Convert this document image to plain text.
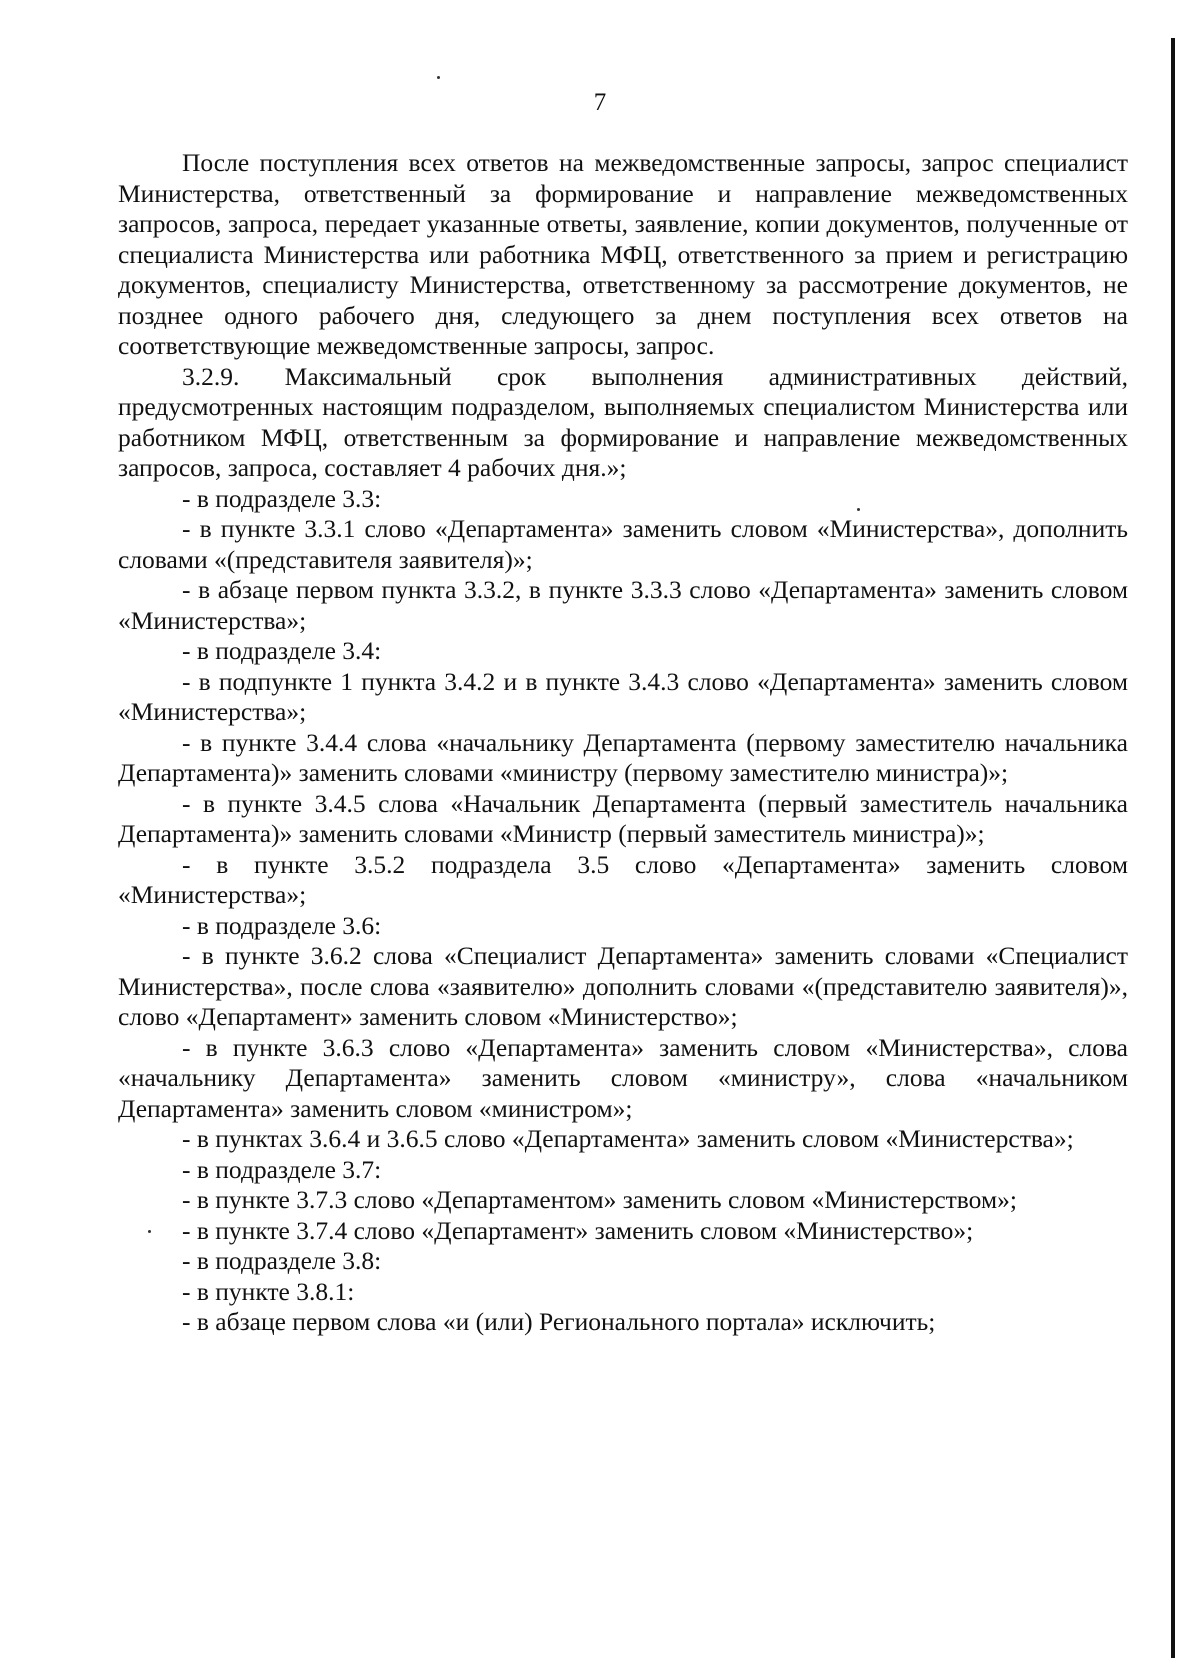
7

После поступления всех ответов на межведомственные запросы, запрос специалист Министерства, ответственный за формирование и направление межведомственных запросов, запроса, передает указанные ответы, заявление, копии документов, полученные от специалиста Министерства или работника МФЦ, ответственного за прием и регистрацию документов, специалисту Министерства, ответственному за рассмотрение документов, не позднее одного рабочего дня, следующего за днем поступления всех ответов на соответствующие межведомственные запросы, запрос.

3.2.9. Максимальный срок выполнения административных действий, предусмотренных настоящим подразделом, выполняемых специалистом Министерства или работником МФЦ, ответственным за формирование и направление межведомственных запросов, запроса, составляет 4 рабочих дня.»;

- в подразделе 3.3:

- в пункте 3.3.1 слово «Департамента» заменить словом «Министерства», дополнить словами «(представителя заявителя)»;

- в абзаце первом пункта 3.3.2, в пункте 3.3.3 слово «Департамента» заменить словом «Министерства»;

- в подразделе 3.4:

- в подпункте 1 пункта 3.4.2 и в пункте 3.4.3 слово «Департамента» заменить словом «Министерства»;

- в пункте 3.4.4 слова «начальнику Департамента (первому заместителю начальника Департамента)» заменить словами «министру (первому заместителю министра)»;

- в пункте 3.4.5 слова «Начальник Департамента (первый заместитель начальника Департамента)» заменить словами «Министр (первый заместитель министра)»;

- в пункте 3.5.2 подраздела 3.5 слово «Департамента» заменить словом «Министерства»;

- в подразделе 3.6:

- в пункте 3.6.2 слова «Специалист Департамента» заменить словами «Специалист Министерства», после слова «заявителю» дополнить словами «(представителю заявителя)», слово «Департамент» заменить словом «Министерство»;

- в пункте 3.6.3 слово «Департамента» заменить словом «Министерства», слова «начальнику Департамента» заменить словом «министру», слова «начальником Департамента» заменить словом «министром»;

- в пунктах 3.6.4 и 3.6.5 слово «Департамента» заменить словом «Министерства»;

- в подразделе 3.7:

- в пункте 3.7.3 слово «Департаментом» заменить словом «Министерством»;

- в пункте 3.7.4 слово «Департамент» заменить словом «Министерство»;

- в подразделе 3.8:

- в пункте 3.8.1:

- в абзаце первом слова «и (или) Регионального портала» исключить;
